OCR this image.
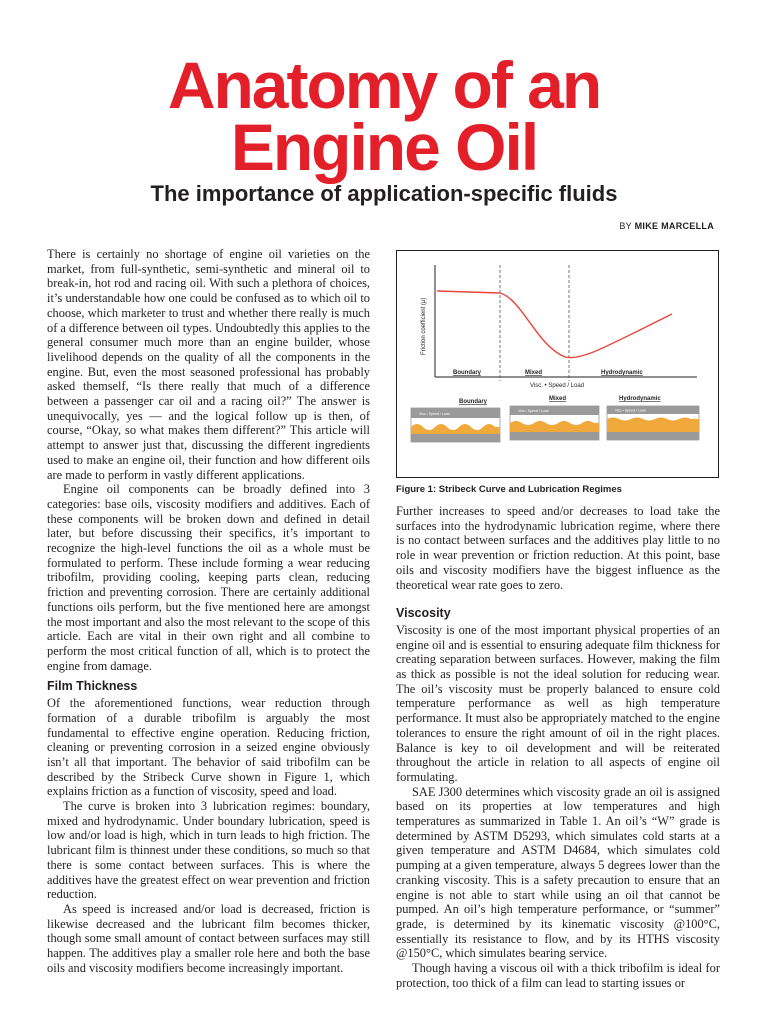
Anatomy of an
Engine Oil
The importance of application-specific fluids
BY MIKE MARCELLA

There is certainly no shortage of engine oil varieties on the market, from full-synthetic, semi-synthetic and mineral oil to break-in, hot rod and racing oil. With such a plethora of choices, it’s understandable how one could be confused as to which oil to choose, which marketer to trust and whether there really is much of a difference between oil types. Undoubtedly this applies to the general consumer much more than an engine builder, whose livelihood depends on the quality of all the components in the engine. But, even the most seasoned professional has probably asked themself, “Is there really that much of a difference between a passenger car oil and a racing oil?” The answer is unequivocally, yes — and the logical follow up is then, of course, “Okay, so what makes them different?” This article will attempt to answer just that, discussing the different ingredients used to make an engine oil, their function and how different oils are made to perform in vastly different applications.

Engine oil components can be broadly defined into 3 categories: base oils, viscosity modifiers and additives. Each of these components will be broken down and defined in detail later, but before discussing their specifics, it’s important to recognize the high-level functions the oil as a whole must be formulated to perform. These include forming a wear reducing tribofilm, providing cooling, keeping parts clean, reducing friction and preventing corrosion. There are certainly additional functions oils perform, but the five mentioned here are amongst the most important and also the most relevant to the scope of this article. Each are vital in their own right and all combine to perform the most critical function of all, which is to protect the engine from damage.

Film Thickness

Of the aforementioned functions, wear reduction through formation of a durable tribofilm is arguably the most fundamental to effective engine operation. Reducing friction, cleaning or preventing corrosion in a seized engine obviously isn’t all that important. The behavior of said tribofilm can be described by the Stribeck Curve shown in Figure 1, which explains friction as a function of viscosity, speed and load.

The curve is broken into 3 lubrication regimes: boundary, mixed and hydrodynamic. Under boundary lubrication, speed is low and/or load is high, which in turn leads to high friction. The lubricant film is thinnest under these conditions, so much so that there is some contact between surfaces. This is where the additives have the greatest effect on wear prevention and friction reduction.

As speed is increased and/or load is decreased, friction is likewise decreased and the lubricant film becomes thicker, though some small amount of contact between surfaces may still happen. The additives play a smaller role here and both the base oils and viscosity modifiers become increasingly important.

Friction coefficient (μ)
Boundary	Mixed	Hydrodynamic
Visc. • Speed / Load
Boundary	Mixed	Hydrodynamic
Visc • Speed / Load
Visc • Speed / Load	Visc • Speed / Load
Figure 1: Stribeck Curve and Lubrication Regimes

Further increases to speed and/or decreases to load take the surfaces into the hydrodynamic lubrication regime, where there is no contact between surfaces and the additives play little to no role in wear prevention or friction reduction. At this point, base oils and viscosity modifiers have the biggest influence as the theoretical wear rate goes to zero.

Viscosity

Viscosity is one of the most important physical properties of an engine oil and is essential to ensuring adequate film thickness for creating separation between surfaces. However, making the film as thick as possible is not the ideal solution for reducing wear. The oil’s viscosity must be properly balanced to ensure cold temperature performance as well as high temperature performance. It must also be appropriately matched to the engine tolerances to ensure the right amount of oil in the right places. Balance is key to oil development and will be reiterated throughout the article in relation to all aspects of engine oil formulating.

SAE J300 determines which viscosity grade an oil is assigned based on its properties at low temperatures and high temperatures as summarized in Table 1. An oil’s “W” grade is determined by ASTM D5293, which simulates cold starts at a given temperature and ASTM D4684, which simulates cold pumping at a given temperature, always 5 degrees lower than the cranking viscosity. This is a safety precaution to ensure that an engine is not able to start while using an oil that cannot be pumped. An oil’s high temperature performance, or “summer” grade, is determined by its kinematic viscosity @100°C, essentially its resistance to flow, and by its HTHS viscosity @150°C, which simulates bearing service.

Though having a viscous oil with a thick tribofilm is ideal for protection, too thick of a film can lead to starting issues or
